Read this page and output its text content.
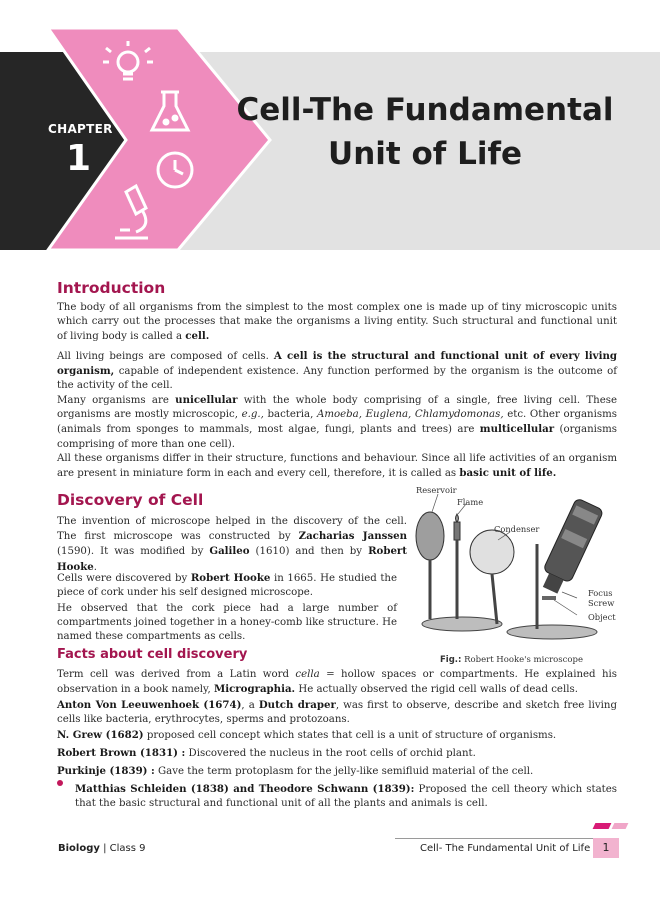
CHAPTER
1
Cell-The Fundamental
Unit of Life
Introduction

The body of all organisms from the simplest to the most complex one is made up of tiny microscopic units which carry out the processes that make the organisms a living entity. Such structural and functional unit of living body is called a cell.

All living beings are composed of cells. A cell is the structural and functional unit of every living organism, capable of independent existence. Any function performed by the organism is the outcome of the activity of the cell.

Many organisms are unicellular with the whole body comprising of a single, free living cell. These organisms are mostly microscopic, e.g., bacteria, Amoeba, Euglena, Chlamydomonas, etc. Other organisms (animals from sponges to mammals, most algae, fungi, plants and trees) are multicellular (organisms comprising of more than one cell).

All these organisms differ in their structure, functions and behaviour. Since all life activities of an organism are present in miniature form in each and every cell, therefore, it is called as basic unit of life.

Discovery of Cell

The invention of microscope helped in the discovery of the cell. The first microscope was constructed by Zacharias Janssen (1590). It was modified by Galileo (1610) and then by Robert Hooke.

Cells were discovered by Robert Hooke in 1665. He studied the piece of cork under his self designed microscope.

He observed that the cork piece had a large number of compartments joined together in a honey-comb like structure. He named these compartments as cells.

Reservoir
Flame
Condenser
Focus
Screw
Object
Fig.: Robert Hooke's microscope
Facts about cell discovery

Term cell was derived from a Latin word cella = hollow spaces or compartments. He explained his observation in a book namely, Micrographia. He actually observed the rigid cell walls of dead cells.

Anton Von Leeuwenhoek (1674), a Dutch draper, was first to observe, describe and sketch free living cells like bacteria, erythrocytes, sperms and protozoans.

N. Grew (1682) proposed cell concept which states that cell is a unit of structure of organisms.

Robert Brown (1831) : Discovered the nucleus in the root cells of orchid plant.

Purkinje (1839) : Gave the term protoplasm for the jelly-like semifluid material of the cell.

Matthias Schleiden (1838) and Theodore Schwann (1839): Proposed the cell theory which states that the basic structural and functional unit of all the plants and animals is cell.

Biology | Class 9	Cell- The Fundamental Unit of Life	1
